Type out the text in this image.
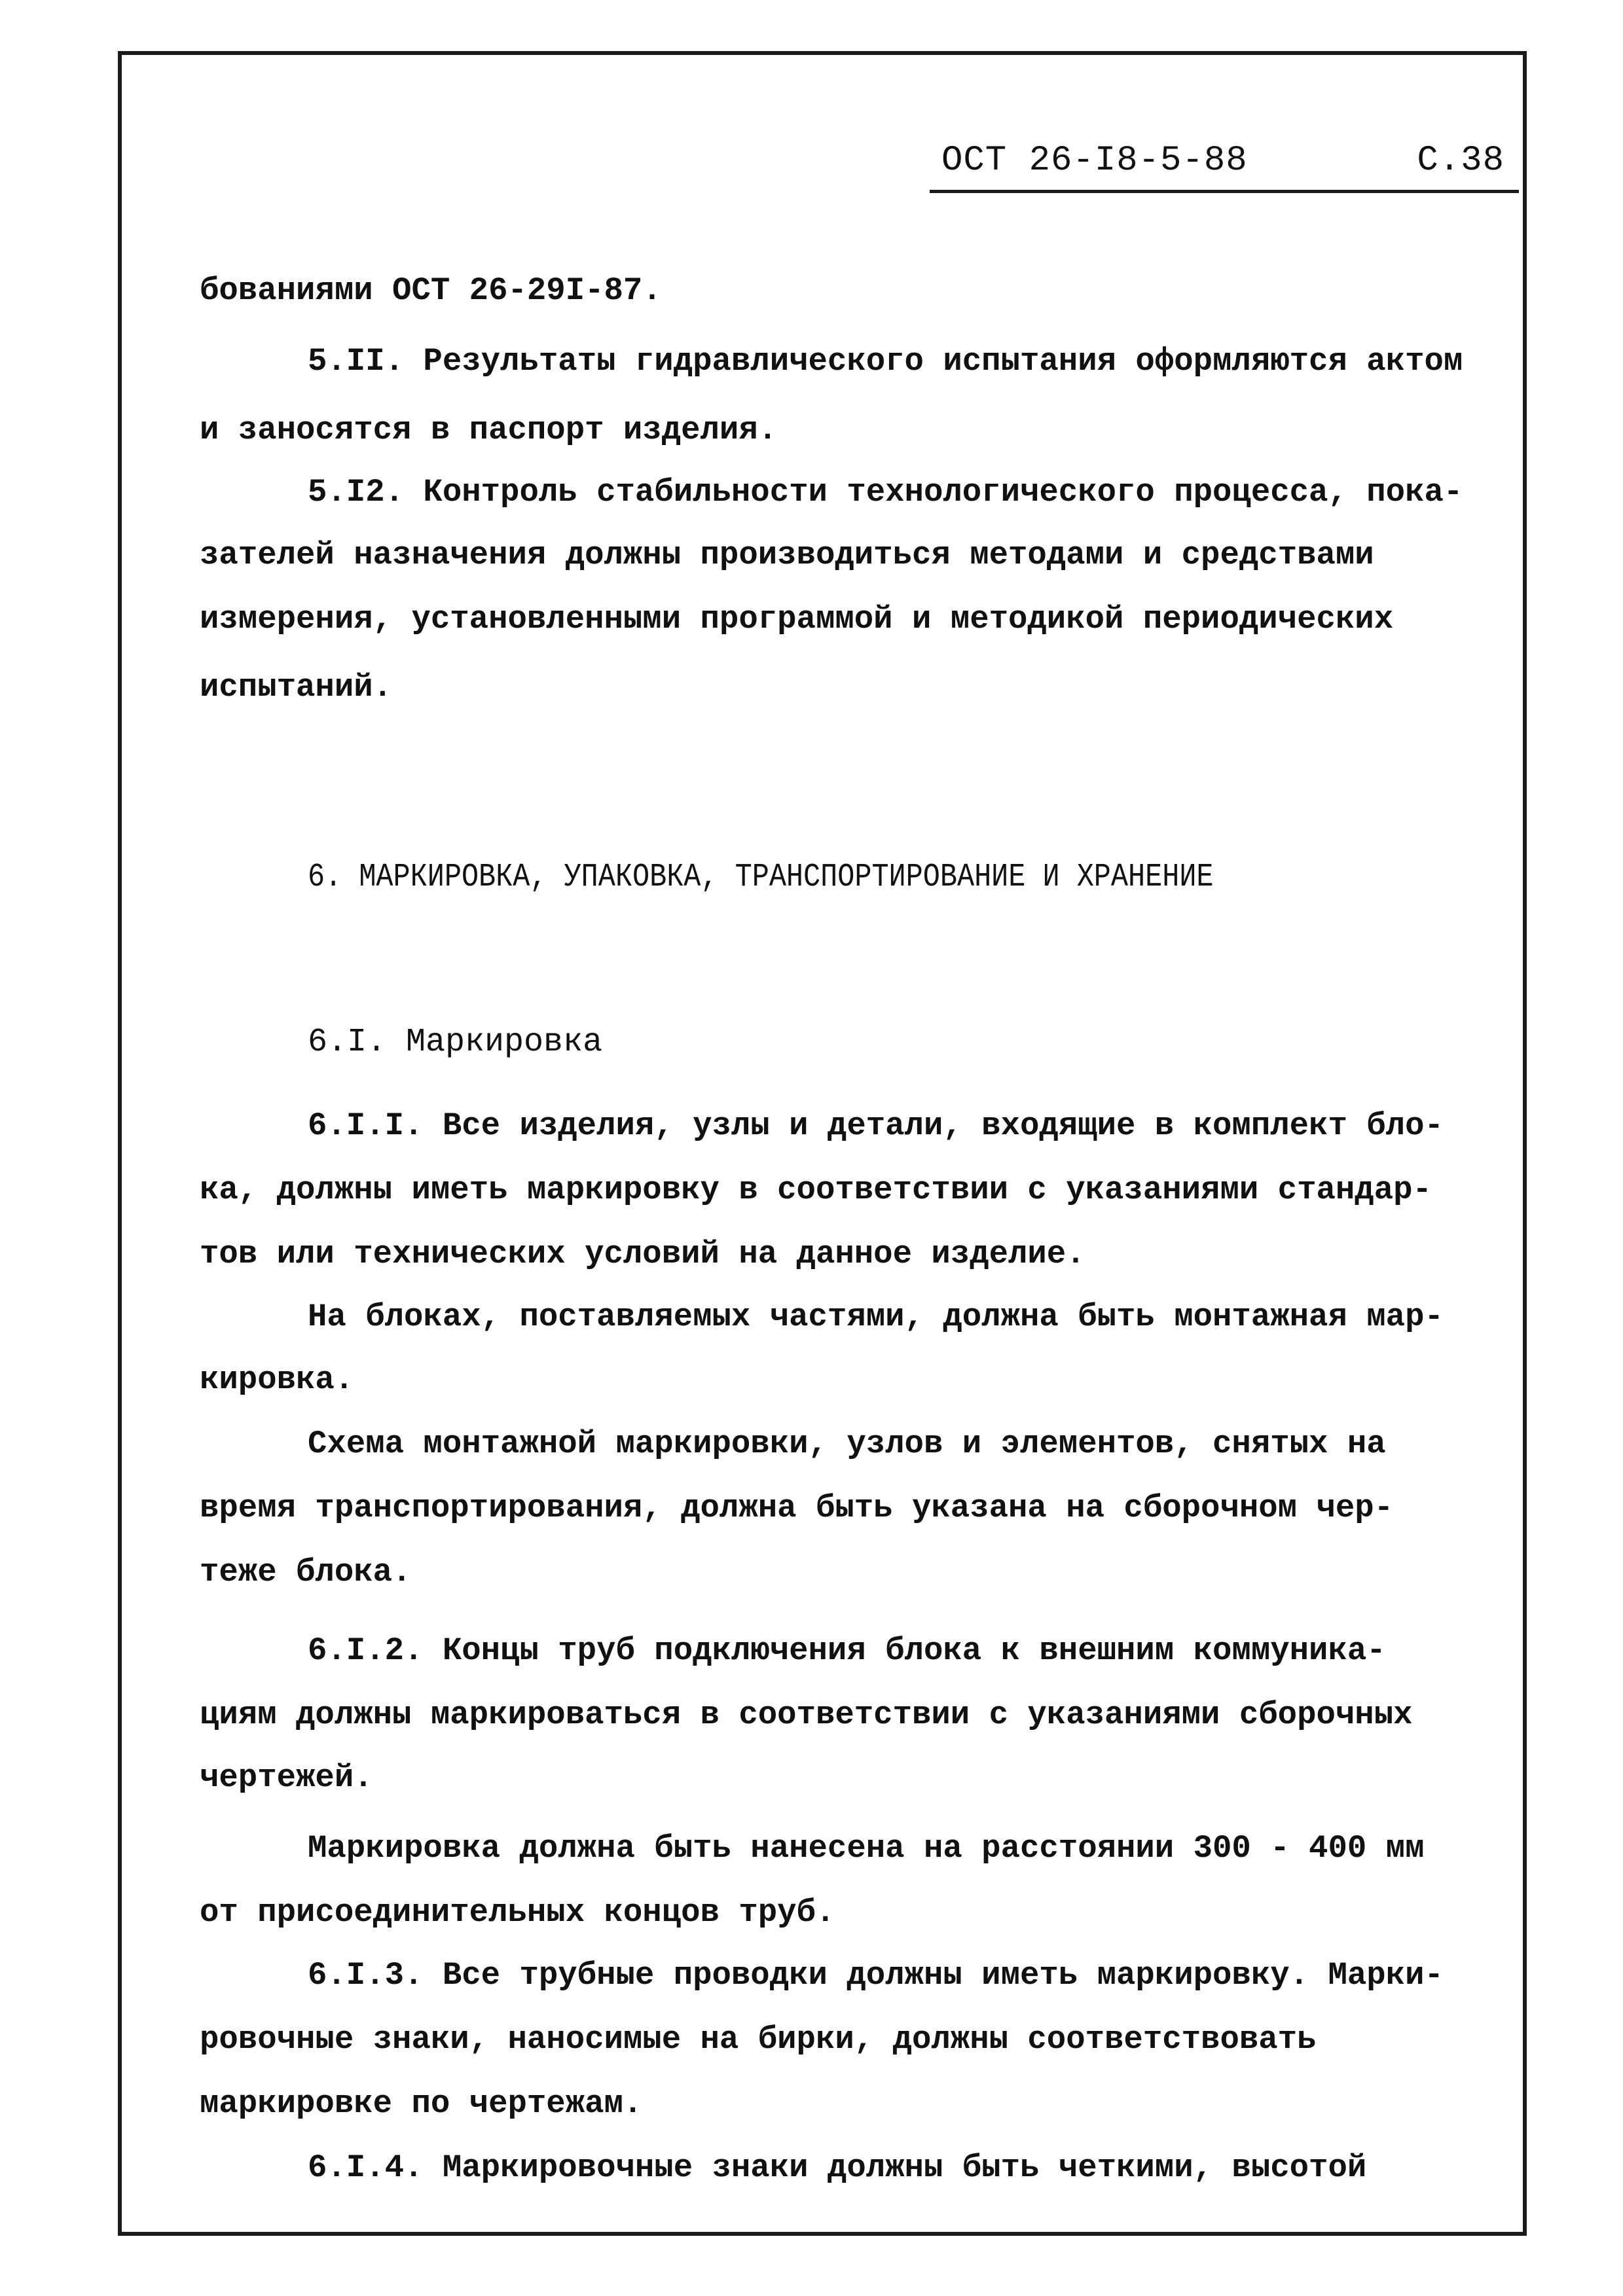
ОСТ 26-I8-5-88	С.38
бованиями ОСТ 26-29I-87.
5.II. Результаты гидравлического испытания оформляются актом
и заносятся в паспорт изделия.
5.I2. Контроль стабильности технологического процесса, пока-
зателей назначения должны производиться методами и средствами
измерения, установленными программой и методикой периодических
испытаний.
6. МАРКИРОВКА, УПАКОВКА, ТРАНСПОРТИРОВАНИЕ И ХРАНЕНИЕ
6.I. Маркировка
6.I.I. Все изделия, узлы и детали, входящие в комплект бло-
ка, должны иметь маркировку в соответствии с указаниями стандар-
тов или технических условий на данное изделие.
На блоках, поставляемых частями, должна быть монтажная мар-
кировка.
Схема монтажной маркировки, узлов и элементов, снятых на
время транспортирования, должна быть указана на сборочном чер-
теже блока.
6.I.2. Концы труб подключения блока к внешним коммуника-
циям должны маркироваться в соответствии с указаниями сборочных
чертежей.
Маркировка должна быть нанесена на расстоянии 300 - 400 мм
от присоединительных концов труб.
6.I.3. Все трубные проводки должны иметь маркировку. Марки-
ровочные знаки, наносимые на бирки, должны соответствовать
маркировке по чертежам.
6.I.4. Маркировочные знаки должны быть четкими, высотой
